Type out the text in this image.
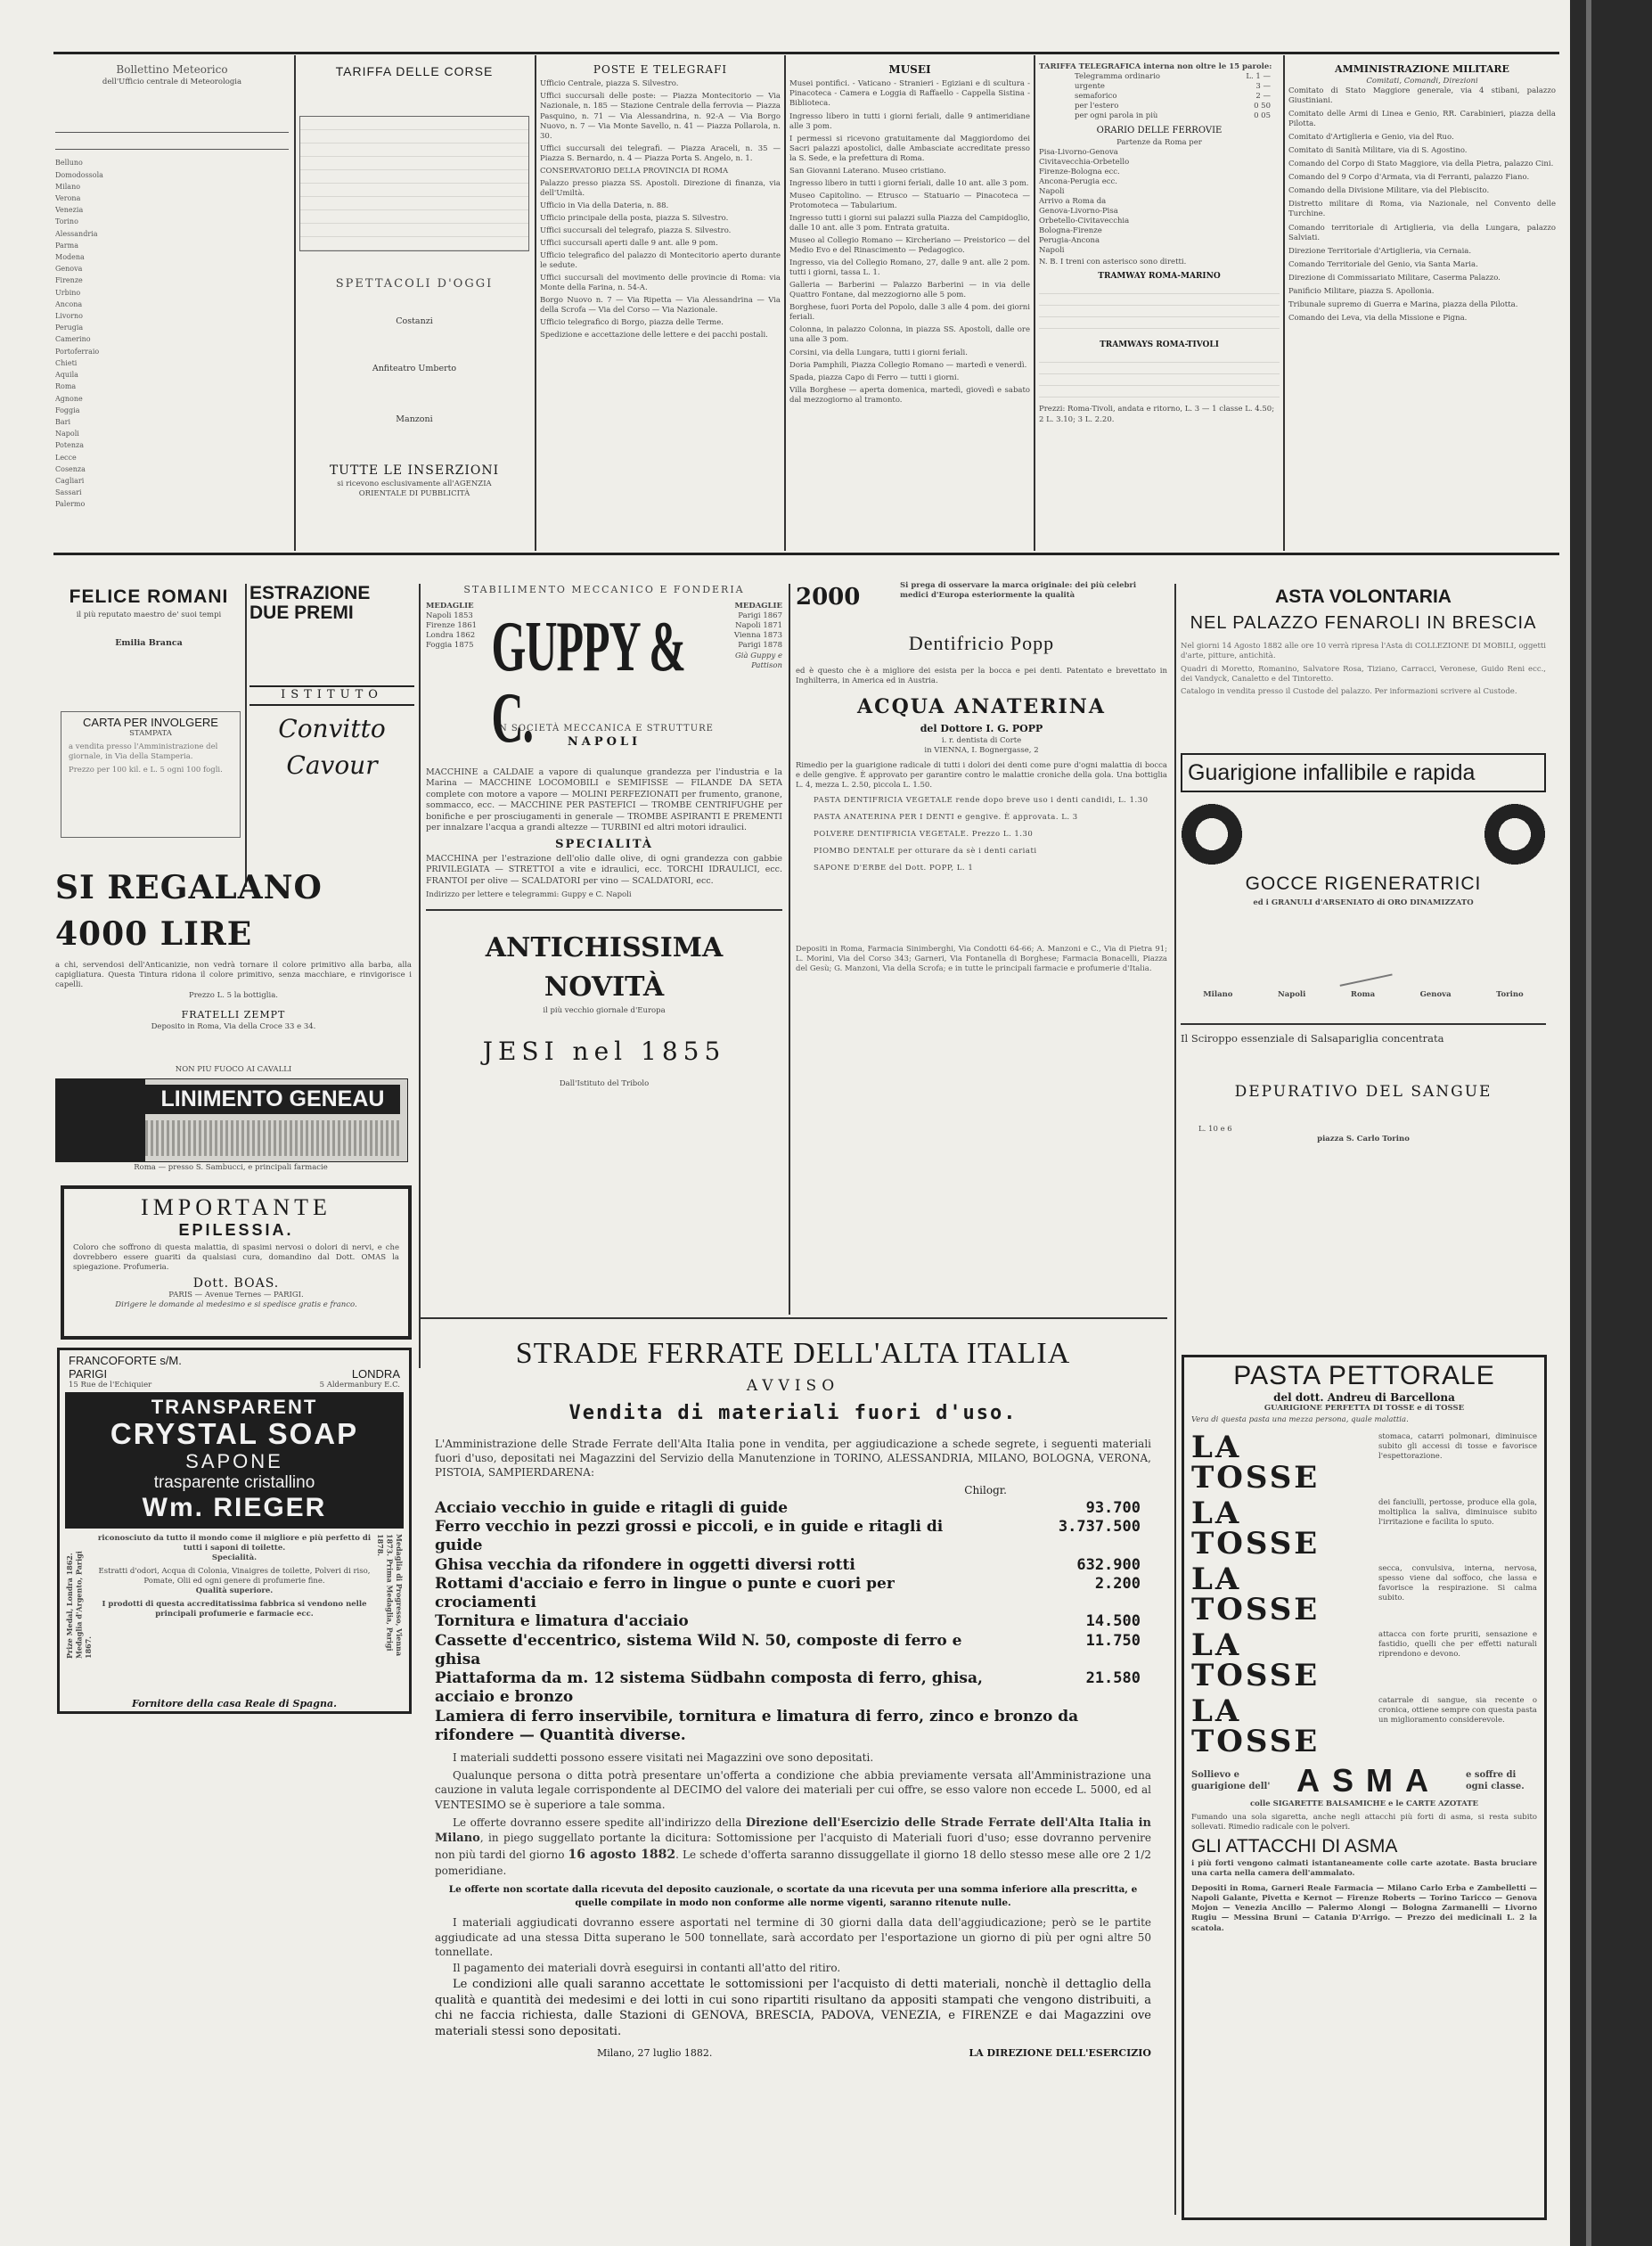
Bollettino Meteorico
dell'Ufficio centrale di Meteorologia
Belluno
Domodossola
Milano
Verona
Venezia
Torino
Alessandria
Parma
Modena
Genova
Firenze
Urbino
Ancona
Livorno
Perugia
Camerino
Portoferraio
Chieti
Aquila
Roma
Agnone
Foggia
Bari
Napoli
Potenza
Lecce
Cosenza
Cagliari
Sassari
Palermo
TARIFFA DELLE CORSE
SPETTACOLI D'OGGI
Costanzi
Anfiteatro Umberto
Manzoni
TUTTE LE INSERZIONI
si ricevono esclusivamente all'AGENZIA
ORIENTALE DI PUBBLICITÀ
POSTE E TELEGRAFI
Ufficio Centrale, piazza S. Silvestro.
Uffici succursali delle poste: — Piazza Montecitorio — Via Nazionale, n. 185 — Stazione Centrale della ferrovia — Piazza Pasquino, n. 71 — Via Alessandrina, n. 92-A — Via Borgo Nuovo, n. 7 — Via Monte Savello, n. 41 — Piazza Pollarola, n. 30.
Uffici succursali dei telegrafi. — Piazza Araceli, n. 35 — Piazza S. Bernardo, n. 4 — Piazza Porta S. Angelo, n. 1.
CONSERVATORIO DELLA PROVINCIA DI ROMA
Palazzo presso piazza SS. Apostoli. Direzione di finanza, via dell'Umiltà.
Ufficio in Via della Dateria, n. 88.
Ufficio principale della posta, piazza S. Silvestro.
Uffici succursali del telegrafo, piazza S. Silvestro.
Uffici succursali aperti dalle 9 ant. alle 9 pom.
Ufficio telegrafico del palazzo di Montecitorio aperto durante le sedute.
Uffici succursali del movimento delle provincie di Roma: via Monte della Farina, n. 54-A.
Borgo Nuovo n. 7 — Via Ripetta — Via Alessandrina — Via della Scrofa — Via del Corso — Via Nazionale.
Ufficio telegrafico di Borgo, piazza delle Terme.
Spedizione e accettazione delle lettere e dei pacchi postali.
MUSEI
Musei pontifici. - Vaticano - Stranieri - Egiziani e di scultura - Pinacoteca - Camera e Loggia di Raffaello - Cappella Sistina - Biblioteca.
Ingresso libero in tutti i giorni feriali, dalle 9 antimeridiane alle 3 pom.
I permessi si ricevono gratuitamente dal Maggiordomo dei Sacri palazzi apostolici, dalle Ambasciate accreditate presso la S. Sede, e la prefettura di Roma.
San Giovanni Laterano. Museo cristiano.
Ingresso libero in tutti i giorni feriali, dalle 10 ant. alle 3 pom.
Museo Capitolino. — Etrusco — Statuario — Pinacoteca — Protomoteca — Tabularium.
Ingresso tutti i giorni sui palazzi sulla Piazza del Campidoglio, dalle 10 ant. alle 3 pom. Entrata gratuita.
Museo al Collegio Romano — Kircheriano — Preistorico — del Medio Evo e del Rinascimento — Pedagogico.
Ingresso, via del Collegio Romano, 27, dalle 9 ant. alle 2 pom. tutti i giorni, tassa L. 1.
Galleria — Barberini — Palazzo Barberini — in via delle Quattro Fontane, dal mezzogiorno alle 5 pom.
Borghese, fuori Porta del Popolo, dalle 3 alle 4 pom. dei giorni feriali.
Colonna, in palazzo Colonna, in piazza SS. Apostoli, dalle ore una alle 3 pom.
Corsini, via della Lungara, tutti i giorni feriali.
Doria Pamphili, Piazza Collegio Romano — martedì e venerdì.
Spada, piazza Capo di Ferro — tutti i giorni.
Villa Borghese — aperta domenica, martedì, giovedì e sabato dal mezzogiorno al tramonto.
TARIFFA TELEGRAFICA interna non oltre le 15 parole:
Telegramma ordinario	L. 1 —
urgente	3 —
semaforico	2 —
per l'estero	0 50
per ogni parola in più	0 05
ORARIO DELLE FERROVIE
Partenze da Roma per
Pisa-Livorno-Genova
Civitavecchia-Orbetello
Firenze-Bologna ecc.
Ancona-Perugia ecc.
Napoli
Arrivo a Roma da
Genova-Livorno-Pisa
Orbetello-Civitavecchia
Bologna-Firenze
Perugia-Ancona
Napoli
N. B. I treni con asterisco sono diretti.
TRAMWAY ROMA-MARINO
TRAMWAYS ROMA-TIVOLI
Prezzi: Roma-Tivoli, andata e ritorno, L. 3 — 1 classe L. 4.50; 2 L. 3.10; 3 L. 2.20.
AMMINISTRAZIONE MILITARE
Comitati, Comandi, Direzioni
Comitato di Stato Maggiore generale, via 4 stibani, palazzo Giustiniani.
Comitato delle Armi di Linea e Genio, RR. Carabinieri, piazza della Pilotta.
Comitato d'Artiglieria e Genio, via del Ruo.
Comitato di Sanità Militare, via di S. Agostino.
Comando del Corpo di Stato Maggiore, via della Pietra, palazzo Cini.
Comando del 9 Corpo d'Armata, via di Ferranti, palazzo Fiano.
Comando della Divisione Militare, via del Plebiscito.
Distretto militare di Roma, via Nazionale, nel Convento delle Turchine.
Comando territoriale di Artiglieria, via della Lungara, palazzo Salviati.
Direzione Territoriale d'Artiglieria, via Cernaia.
Comando Territoriale del Genio, via Santa Maria.
Direzione di Commissariato Militare, Caserma Palazzo.
Panificio Militare, piazza S. Apollonia.
Tribunale supremo di Guerra e Marina, piazza della Pilotta.
Comando dei Leva, via della Missione e Pigna.
FELICE ROMANI
il più reputato maestro de' suoi tempi
Emilia Branca
ESTRAZIONE DUE PREMI
ISTITUTO
Convitto Cavour
CARTA PER INVOLGERE
STAMPATA
a vendita presso l'Amministrazione del giornale, in Via della Stamperia.
Prezzo per 100 kil. e L. 5 ogni 100 fogli.
SI REGALANO 4000 LIRE
a chi, servendosi dell'Anticanizie, non vedrà tornare il colore primitivo alla barba, alla capigliatura. Questa Tintura ridona il colore primitivo, senza macchiare, e rinvigorisce i capelli.
Prezzo L. 5 la bottiglia.
FRATELLI ZEMPT
Deposito in Roma, Via della Croce 33 e 34.
STABILIMENTO MECCANICO E FONDERIA
MEDAGLIE
Napoli 1853
Firenze 1861
Londra 1862
Foggia 1875 GUPPY & C.
MEDAGLIE
Parigi 1867
Napoli 1871
Vienna 1873
Parigi 1878
Già Guppy e Pattison
IN SOCIETÀ MECCANICA E STRUTTURE
NAPOLI
MACCHINE a CALDAIE a vapore di qualunque grandezza per l'industria e la Marina — MACCHINE LOCOMOBILI e SEMIFISSE — FILANDE DA SETA complete con motore a vapore — MOLINI PERFEZIONATI per frumento, granone, sommacco, ecc. — MACCHINE PER PASTEFICI — TROMBE CENTRIFUGHE per bonifiche e per prosciugamenti in generale — TROMBE ASPIRANTI E PREMENTI per innalzare l'acqua a grandi altezze — TURBINI ed altri motori idraulici.
SPECIALITÀ
MACCHINA per l'estrazione dell'olio dalle olive, di ogni grandezza con gabbie PRIVILEGIATA — STRETTOI a vite e idraulici, ecc. TORCHI IDRAULICI, ecc. FRANTOI per olive — SCALDATORI per vino — SCALDATORI, ecc.
Indirizzo per lettere e telegrammi: Guppy e C. Napoli
ANTICHISSIMA NOVITÀ
il più vecchio giornale d'Europa
JESI nel 1855
Dall'Istituto del Tribolo
2000	Si prega di osservare la marca originale: dei più celebri medici d'Europa esteriormente la qualità
Dentifricio Popp
ed è questo che è a migliore dei esista per la bocca e pei denti. Patentato e brevettato in Inghilterra, in America ed in Austria.
ACQUA ANATERINA
del Dottore I. G. POPP
i. r. dentista di Corte
in VIENNA, I. Bognergasse, 2
Rimedio per la guarigione radicale di tutti i dolori dei denti come pure d'ogni malattia di bocca e delle gengive. È approvato per garantire contro le malattie croniche della gola. Una bottiglia L. 4, mezza L. 2.50, piccola L. 1.50.
PASTA DENTIFRICIA VEGETALE rende dopo breve uso i denti candidi, L. 1.30
PASTA ANATERINA PER I DENTI e gengive. È approvata. L. 3
POLVERE DENTIFRICIA VEGETALE. Prezzo L. 1.30
PIOMBO DENTALE per otturare da sè i denti cariati
SAPONE D'ERBE del Dott. POPP, L. 1
Depositi in Roma, Farmacia Sinimberghi, Via Condotti 64-66; A. Manzoni e C., Via di Pietra 91; L. Morini, Via del Corso 343; Garneri, Via Fontanella di Borghese; Farmacia Bonacelli, Piazza del Gesù; G. Manzoni, Via della Scrofa; e in tutte le principali farmacie e profumerie d'Italia.
ASTA VOLONTARIA
NEL PALAZZO FENAROLI IN BRESCIA
Nel giorni 14 Agosto 1882 alle ore 10 verrà ripresa l'Asta di COLLEZIONE DI MOBILI, oggetti d'arte, pitture, antichità.
Quadri di Moretto, Romanino, Salvatore Rosa, Tiziano, Carracci, Veronese, Guido Reni ecc., dei Vandyck, Canaletto e del Tintoretto.
Catalogo in vendita presso il Custode del palazzo. Per informazioni scrivere al Custode.
Guarigione infallibile e rapida
GOCCE RIGENERATRICI
ed i GRANULI d'ARSENIATO di ORO DINAMIZZATO
Milano	Napoli	Roma	Genova	Torino
Il Sciroppo essenziale di Salsapariglia concentrata
DEPURATIVO DEL SANGUE
L. 10 e 6
piazza S. Carlo Torino
NON PIÙ FUOCO AI CAVALLI
LINIMENTO GENEAU
Roma — presso S. Sambucci, e principali farmacie
IMPORTANTE
EPILESSIA.
Coloro che soffrono di questa malattia, di spasimi nervosi o dolori di nervi, e che dovrebbero essere guariti da qualsiasi cura, domandino dal Dott. OMAS la spiegazione. Profumeria.
Dott. BOAS.
PARIS — Avenue Ternes — PARIGI.
Dirigere le domande al medesimo e si spedisce gratis e franco.
FRANCOFORTE s/M.
PARIGI	LONDRA
15 Rue de l'Echiquier	5 Aldermanbury E.C.
TRANSPARENT
CRYSTAL SOAP
SAPONE
trasparente cristallino
Wm. RIEGER
Prize Medal, Londra 1862. Medaglia d'Argento, Parigi 1867.
riconosciuto da tutto il mondo come il migliore e più perfetto di tutti i saponi di toilette.
Specialità.
Estratti d'odori, Acqua di Colonia, Vinaigres de toilette, Polveri di riso, Pomate, Olii ed ogni genere di profumerie fine.
Qualità superiore.
I prodotti di questa accreditatissima fabbrica si vendono nelle principali profumerie e farmacie ecc.	Medaglia di Progresso, Vienna 1873. Prima Medaglia, Parigi 1878.
Fornitore della casa Reale di Spagna.
STRADE FERRATE DELL'ALTA ITALIA
AVVISO
Vendita di materiali fuori d'uso.
L'Amministrazione delle Strade Ferrate dell'Alta Italia pone in vendita, per aggiudicazione a schede segrete, i seguenti materiali fuori d'uso, depositati nei Magazzini del Servizio della Manutenzione in TORINO, ALESSANDRIA, MILANO, BOLOGNA, VERONA, PISTOIA, SAMPIERDARENA:
Chilogr.
Acciaio vecchio in guide e ritagli di guide	93.700
Ferro vecchio in pezzi grossi e piccoli, e in guide e ritagli di guide
3.737.500
Ghisa vecchia da rifondere in oggetti diversi rotti	632.900
Rottami d'acciaio e ferro in lingue o punte e cuori per crociamenti
2.200
Tornitura e limatura d'acciaio	14.500
Cassette d'eccentrico, sistema Wild N. 50, composte di ferro e ghisa
11.750
Piattaforma da m. 12 sistema Südbahn composta di ferro, ghisa, acciaio e bronzo
21.580
Lamiera di ferro inservibile, tornitura e limatura di ferro, zinco e bronzo da rifondere — Quantità diverse.
I materiali suddetti possono essere visitati nei Magazzini ove sono depositati.
Qualunque persona o ditta potrà presentare un'offerta a condizione che abbia previamente versata all'Amministrazione una cauzione in valuta legale corrispondente al DECIMO del valore dei materiali per cui offre, se esso valore non eccede L. 5000, ed al VENTESIMO se è superiore a tale somma.
Le offerte dovranno essere spedite all'indirizzo della Direzione dell'Esercizio delle Strade Ferrate dell'Alta Italia in Milano, in piego suggellato portante la dicitura: Sottomissione per l'acquisto di Materiali fuori d'uso; esse dovranno pervenire non più tardi del giorno 16 agosto 1882. Le schede d'offerta saranno dissuggellate il giorno 18 dello stesso mese alle ore 2 1/2 pomeridiane.
Le offerte non scortate dalla ricevuta del deposito cauzionale, o scortate da una ricevuta per una somma inferiore alla prescritta, e quelle compilate in modo non conforme alle norme vigenti, saranno ritenute nulle.
I materiali aggiudicati dovranno essere asportati nel termine di 30 giorni dalla data dell'aggiudicazione; però se le partite aggiudicate ad una stessa Ditta superano le 500 tonnellate, sarà accordato per l'esportazione un giorno di più per ogni altre 50 tonnellate.
Il pagamento dei materiali dovrà eseguirsi in contanti all'atto del ritiro.
Le condizioni alle quali saranno accettate le sottomissioni per l'acquisto di detti materiali, nonchè il dettaglio della qualità e quantità dei medesimi e dei lotti in cui sono ripartiti risultano da appositi stampati che vengono distribuiti, a chi ne faccia richiesta, dalle Stazioni di GENOVA, BRESCIA, PADOVA, VENEZIA, e FIRENZE e dai Magazzini ove materiali stessi sono depositati.
Milano, 27 luglio 1882.	LA DIREZIONE DELL'ESERCIZIO
PASTA PETTORALE
del dott. Andreu di Barcellona
GUARIGIONE PERFETTA DI TOSSE e di TOSSE
Vera di questa pasta una mezza persona, quale malattia.
LA TOSSE
stomaca, catarri polmonari, diminuisce subito gli accessi di tosse e favorisce l'espettorazione.
LA TOSSE
dei fanciulli, pertosse, produce ella gola, moltiplica la saliva, diminuisce subito l'irritazione e facilita lo sputo.
LA TOSSE
secca, convulsiva, interna, nervosa, spesso viene dal soffoco, che lassa e favorisce la respirazione. Si calma subito.
LA TOSSE
attacca con forte pruriti, sensazione e fastidio, quelli che per effetti naturali riprendono e devono.
LA TOSSE
catarrale di sangue, sia recente o cronica, ottiene sempre con questa pasta un miglioramento considerevole.
Sollievo e guarigione dell' ASMA	e soffre di ogni classe.
colle SIGARETTE BALSAMICHE e le CARTE AZOTATE
Fumando una sola sigaretta, anche negli attacchi più forti di asma, si resta subito sollevati. Rimedio radicale con le polveri.
GLI ATTACCHI DI ASMA
i più forti vengono calmati istantaneamente colle carte azotate. Basta bruciare una carta nella camera dell'ammalato.
Depositi in Roma, Garneri Reale Farmacia — Milano Carlo Erba e Zambelletti — Napoli Galante, Pivetta e Kernot — Firenze Roberts — Torino Taricco — Genova Mojon — Venezia Ancillo — Palermo Alongi — Bologna Zarmanelli — Livorno Rugiu — Messina Bruni — Catania D'Arrigo. — Prezzo dei medicinali L. 2 la scatola.
